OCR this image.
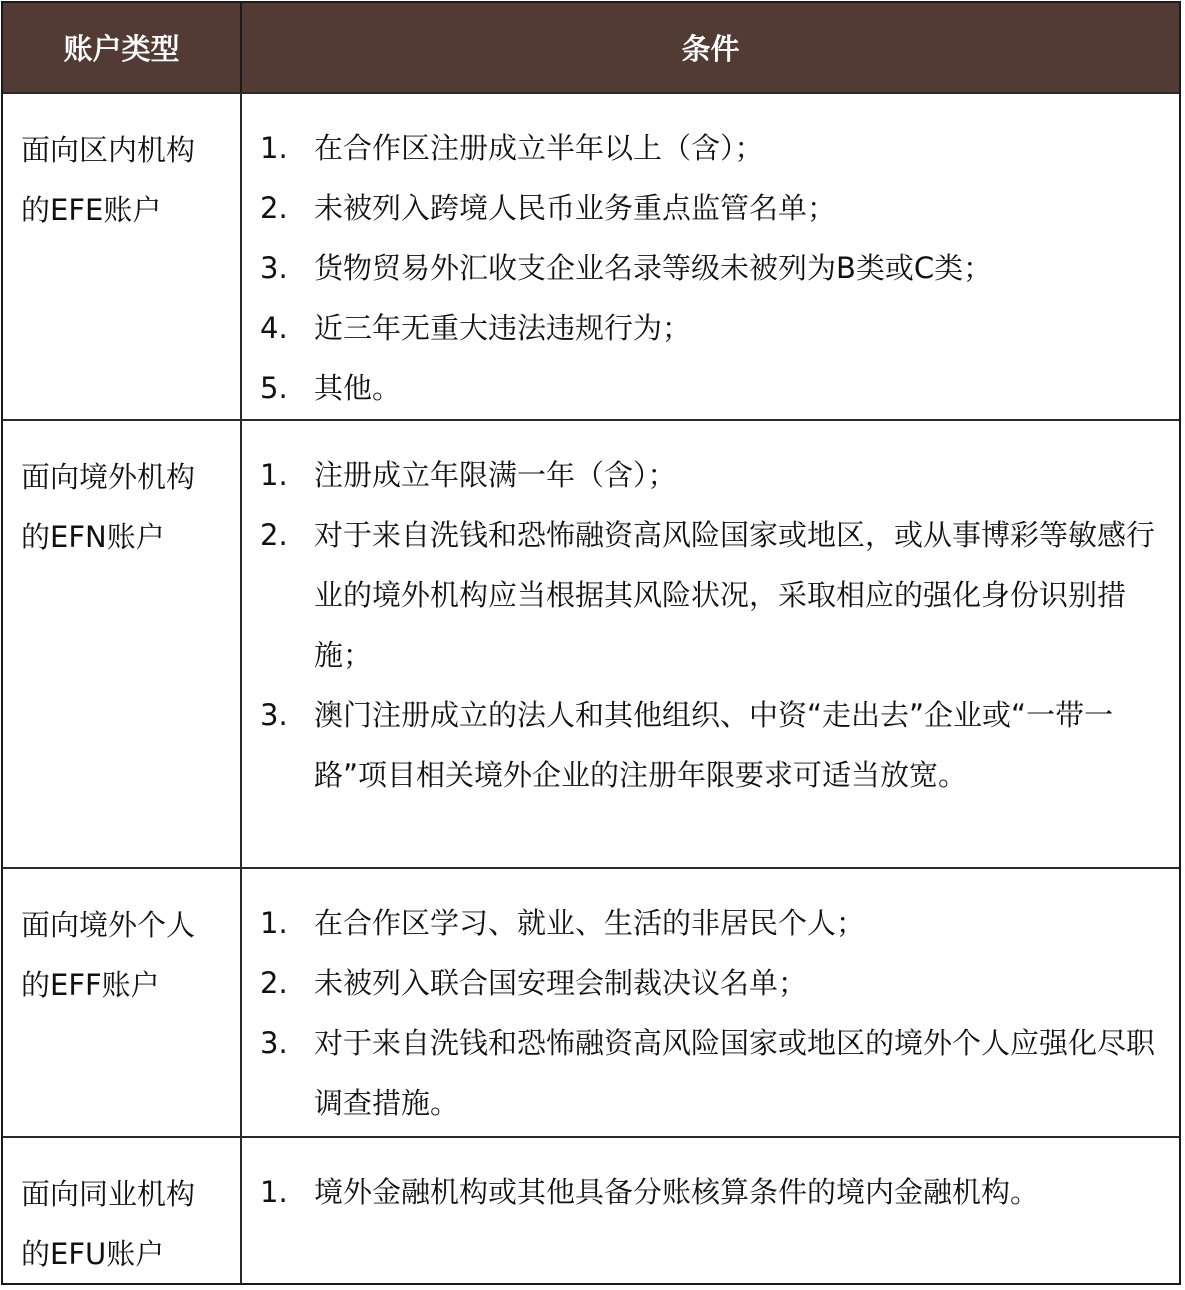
账户类型	条件
面向区内机构
的EFE账户
1. 在合作区注册成立半年以上（含）；
2. 未被列入跨境人民币业务重点监管名单；
3. 货物贸易外汇收支企业名录等级未被列为B类或C类；
4. 近三年无重大违法违规行为；
5. 其他。
面向境外机构
的EFN账户
1. 注册成立年限满一年（含）；
2. 对于来自洗钱和恐怖融资高风险国家或地区，或从事博彩等敏感行业的境外机构应当根据其风险状况，采取相应的强化身份识别措施；
3. 澳门注册成立的法人和其他组织、中资“走出去”企业或“一带一路”项目相关境外企业的注册年限要求可适当放宽。
面向境外个人
的EFF账户
1. 在合作区学习、就业、生活的非居民个人；
2. 未被列入联合国安理会制裁决议名单；
3. 对于来自洗钱和恐怖融资高风险国家或地区的境外个人应强化尽职调查措施。
面向同业机构
的EFU账户
1. 境外金融机构或其他具备分账核算条件的境内金融机构。
